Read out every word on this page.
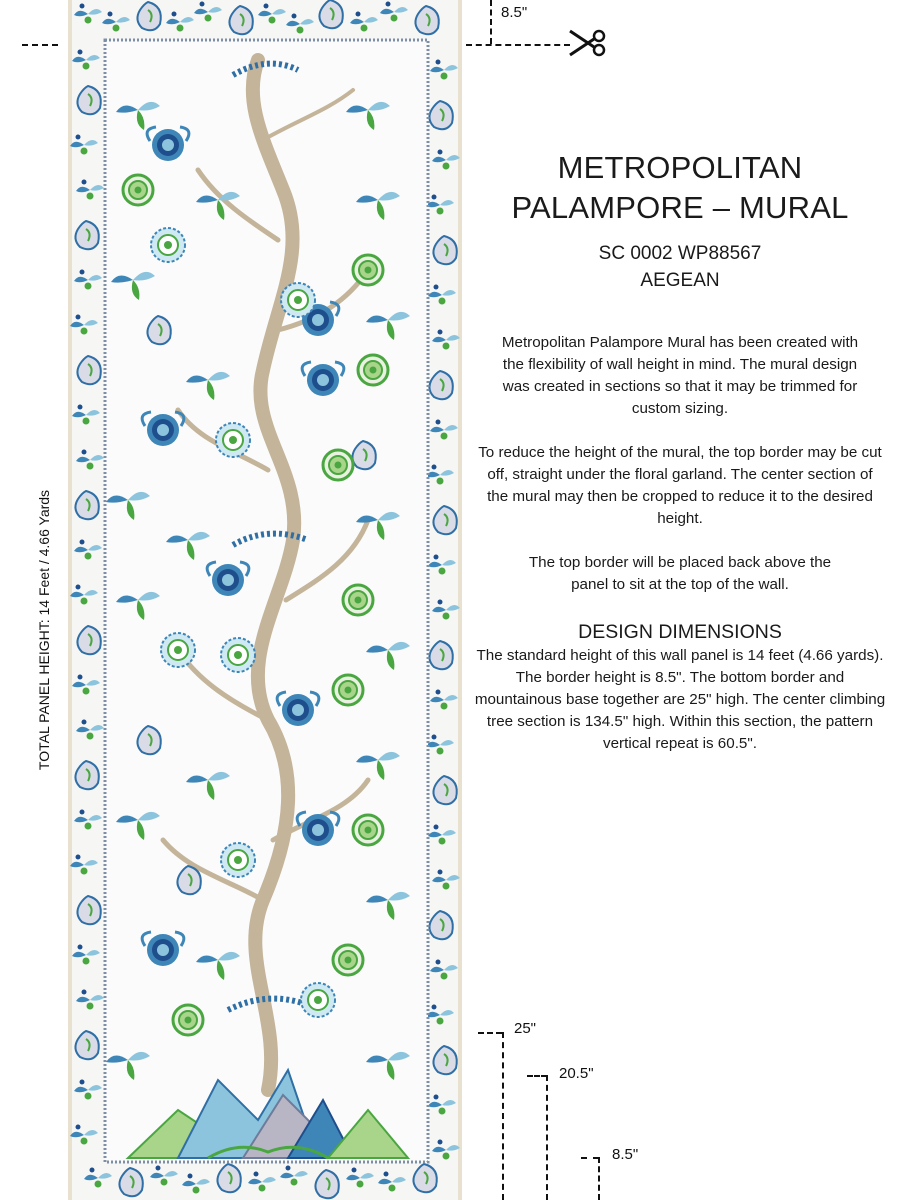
8.5"
25"
20.5"
8.5"
TOTAL PANEL HEIGHT: 14 Feet / 4.66 Yards
METROPOLITAN
PALAMPORE – MURAL
SC 0002 WP88567
AEGEAN

Metropolitan Palampore Mural has been created with the flexibility of wall height in mind. The mural design was created in sections so that it may be trimmed for custom sizing.

To reduce the height of the mural, the top border may be cut off, straight under the floral garland. The center section of the mural may then be cropped to reduce it to the desired height.

The top border will be placed back above the panel to sit at the top of the wall.

DESIGN DIMENSIONS

The standard height of this wall panel is 14 feet (4.66 yards). The border height is 8.5". The bottom border and mountainous base together are 25" high. The center climbing tree section is 134.5" high. Within this section, the pattern vertical repeat is 60.5".
